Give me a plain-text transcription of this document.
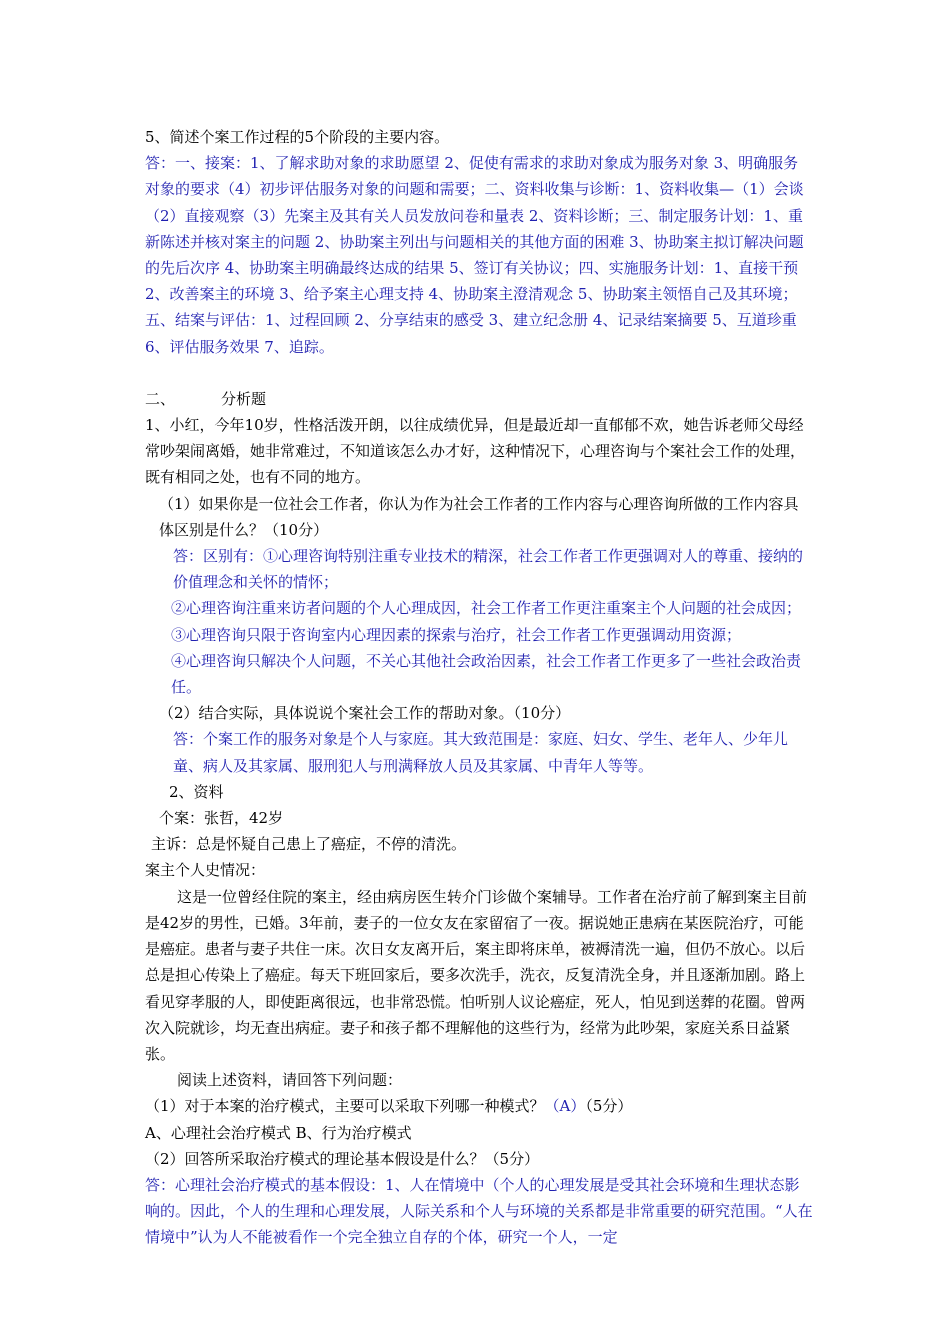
5、简述个案工作过程的5个阶段的主要内容。

答：一、接案：1、了解求助对象的求助愿望 2、促使有需求的求助对象成为服务对象 3、明确服务对象的要求（4）初步评估服务对象的问题和需要；二、资料收集与诊断：1、资料收集—（1）会谈（2）直接观察（3）先案主及其有关人员发放问卷和量表 2、资料诊断；三、制定服务计划：1、重新陈述并核对案主的问题 2、协助案主列出与问题相关的其他方面的困难 3、协助案主拟订解决问题的先后次序 4、协助案主明确最终达成的结果 5、签订有关协议；四、实施服务计划：1、直接干预 2、改善案主的环境 3、给予案主心理支持 4、协助案主澄清观念 5、协助案主领悟自己及其环境；五、结案与评估：1、过程回顾 2、分享结束的感受 3、建立纪念册 4、记录结案摘要 5、互道珍重 6、评估服务效果 7、追踪。

二、	分析题

1、小红，今年10岁，性格活泼开朗，以往成绩优异，但是最近却一直郁郁不欢，她告诉老师父母经常吵架闹离婚，她非常难过，不知道该怎么办才好，这种情况下，心理咨询与个案社会工作的处理，既有相同之处，也有不同的地方。

（1）如果你是一位社会工作者，你认为作为社会工作者的工作内容与心理咨询所做的工作内容具体区别是什么？（10分）

答：区别有：①心理咨询特别注重专业技术的精深，社会工作者工作更强调对人的尊重、接纳的价值理念和关怀的情怀；

②心理咨询注重来访者问题的个人心理成因，社会工作者工作更注重案主个人问题的社会成因；

③心理咨询只限于咨询室内心理因素的探索与治疗，社会工作者工作更强调动用资源；

④心理咨询只解决个人问题，不关心其他社会政治因素，社会工作者工作更多了一些社会政治责任。

（2）结合实际，具体说说个案社会工作的帮助对象。（10分）

答：个案工作的服务对象是个人与家庭。其大致范围是：家庭、妇女、学生、老年人、少年儿童、病人及其家属、服刑犯人与刑满释放人员及其家属、中青年人等等。

2、资料

个案：张哲，42岁

主诉：总是怀疑自己患上了癌症，不停的清洗。

案主个人史情况：

这是一位曾经住院的案主，经由病房医生转介门诊做个案辅导。工作者在治疗前了解到案主目前是42岁的男性，已婚。3年前，妻子的一位女友在家留宿了一夜。据说她正患病在某医院治疗，可能是癌症。患者与妻子共住一床。次日女友离开后，案主即将床单，被褥清洗一遍，但仍不放心。以后总是担心传染上了癌症。每天下班回家后，要多次洗手，洗衣，反复清洗全身，并且逐渐加剧。路上看见穿孝服的人，即使距离很远，也非常恐慌。怕听别人议论癌症，死人，怕见到送葬的花圈。曾两次入院就诊，均无查出病症。妻子和孩子都不理解他的这些行为，经常为此吵架，家庭关系日益紧张。

阅读上述资料，请回答下列问题：

（1）对于本案的治疗模式，主要可以采取下列哪一种模式？（A）（5分）

A、心理社会治疗模式 B、行为治疗模式

（2）回答所采取治疗模式的理论基本假设是什么？（5分）

答：心理社会治疗模式的基本假设：1、人在情境中（个人的心理发展是受其社会环境和生理状态影响的。因此，个人的生理和心理发展，人际关系和个人与环境的关系都是非常重要的研究范围。“人在情境中”认为人不能被看作一个完全独立自存的个体，研究一个人，一定
